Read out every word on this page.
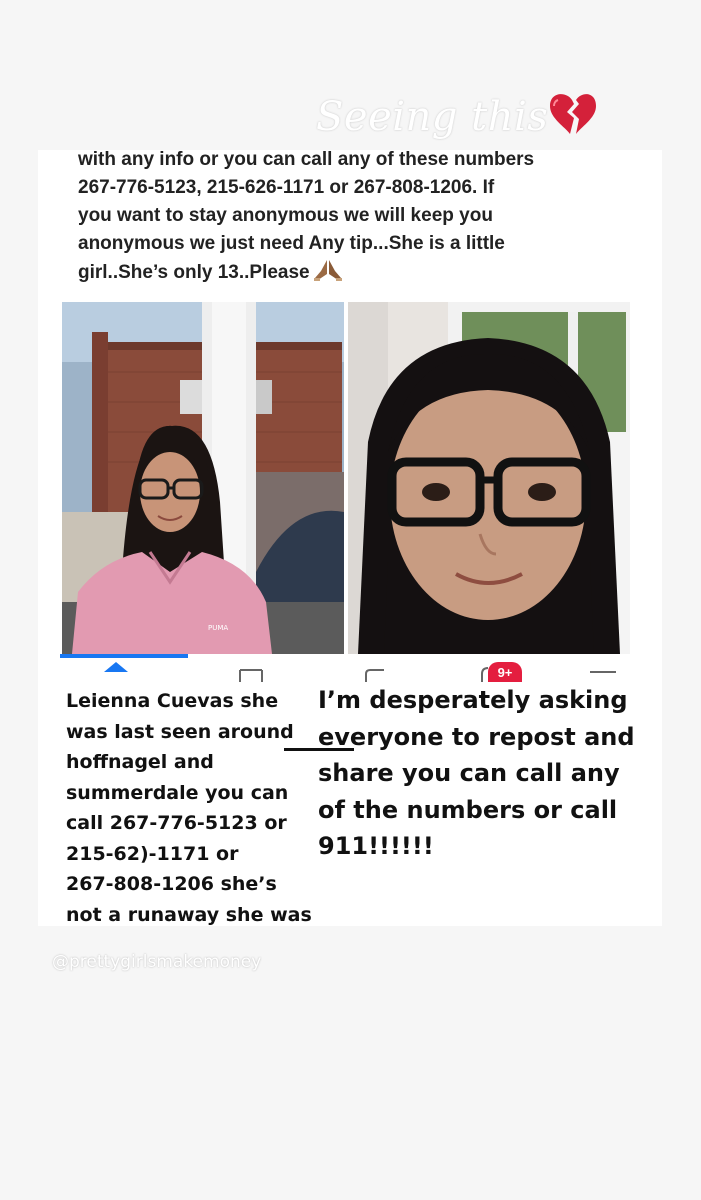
Seeing this
with any info or you can call any of these numbers
267-776-5123, 215-626-1171 or 267-808-1206. If
you want to stay anonymous we will keep you
anonymous we just need Any tip...She is a little
girl..She’s only 13..Please
PUMA
9+
Leienna Cuevas she
was last seen around
hoffnagel and
summerdale you can
call 267-776-5123 or
215-62)-1171 or
267-808-1206 she’s
not a runaway she was
I’m desperately asking
everyone to repost and
share you can call any
of the numbers or call
911!!!!!!
@prettygirlsmakemoney
